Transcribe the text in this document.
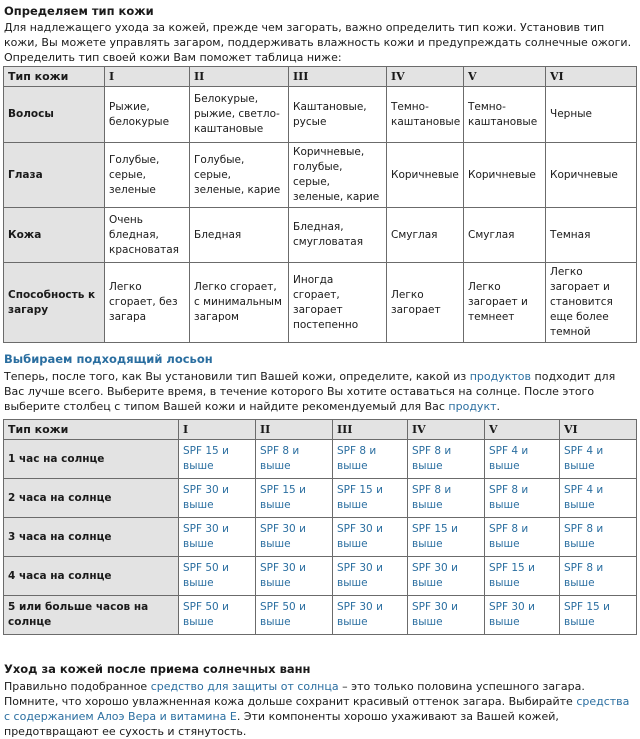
Определяем тип кожи

Для надлежащего ухода за кожей, прежде чем загорать, важно определить тип кожи. Установив тип кожи, Вы можете управлять загаром, поддерживать влажность кожи и предупреждать солнечные ожоги. Определить тип своей кожи Вам поможет таблица ниже:

Тип кожи	I	II	III	IV	V	VI
Волосы	Рыжие, белокурые	Белокурые, рыжие, светло-каштановые	Каштановые, русые	Темно-каштановые	Темно-каштановые	Черные
Глаза	Голубые, серые, зеленые	Голубые, серые, зеленые, карие	Коричневые, голубые, серые, зеленые, карие	Коричневые	Коричневые	Коричневые
Кожа	Очень бледная, красноватая	Бледная	Бледная, смугловатая	Смуглая	Смуглая	Темная
Способность к загару	Легко сгорает, без загара	Легко сгорает, с минимальным загаром	Иногда сгорает, загорает постепенно	Легко загорает	Легко загорает и темнеет	Легко загорает и становится еще более темной
Выбираем подходящий лосьон

Теперь, после того, как Вы установили тип Вашей кожи, определите, какой из продуктов подходит для Вас лучше всего. Выберите время, в течение которого Вы хотите оставаться на солнце. После этого выберите столбец с типом Вашей кожи и найдите рекомендуемый для Вас продукт.

Тип кожи	I	II	III	IV	V	VI
1 час на солнце	SPF 15 и выше	SPF 8 и выше	SPF 8 и выше	SPF 8 и выше	SPF 4 и выше	SPF 4 и выше
2 часа на солнце	SPF 30 и выше	SPF 15 и выше	SPF 15 и выше	SPF 8 и выше	SPF 8 и выше	SPF 4 и выше
3 часа на солнце	SPF 30 и выше	SPF 30 и выше	SPF 30 и выше	SPF 15 и выше	SPF 8 и выше	SPF 8 и выше
4 часа на солнце	SPF 50 и выше	SPF 30 и выше	SPF 30 и выше	SPF 30 и выше	SPF 15 и выше	SPF 8 и выше
5 или больше часов на солнце	SPF 50 и выше	SPF 50 и выше	SPF 30 и выше	SPF 30 и выше	SPF 30 и выше	SPF 15 и выше
Уход за кожей после приема солнечных ванн

Правильно подобранное средство для защиты от солнца – это только половина успешного загара. Помните, что хорошо увлажненная кожа дольше сохранит красивый оттенок загара. Выбирайте средства с содержанием Алоэ Вера и витамина Е. Эти компоненты хорошо ухаживают за Вашей кожей, предотвращают ее сухость и стянутость.
